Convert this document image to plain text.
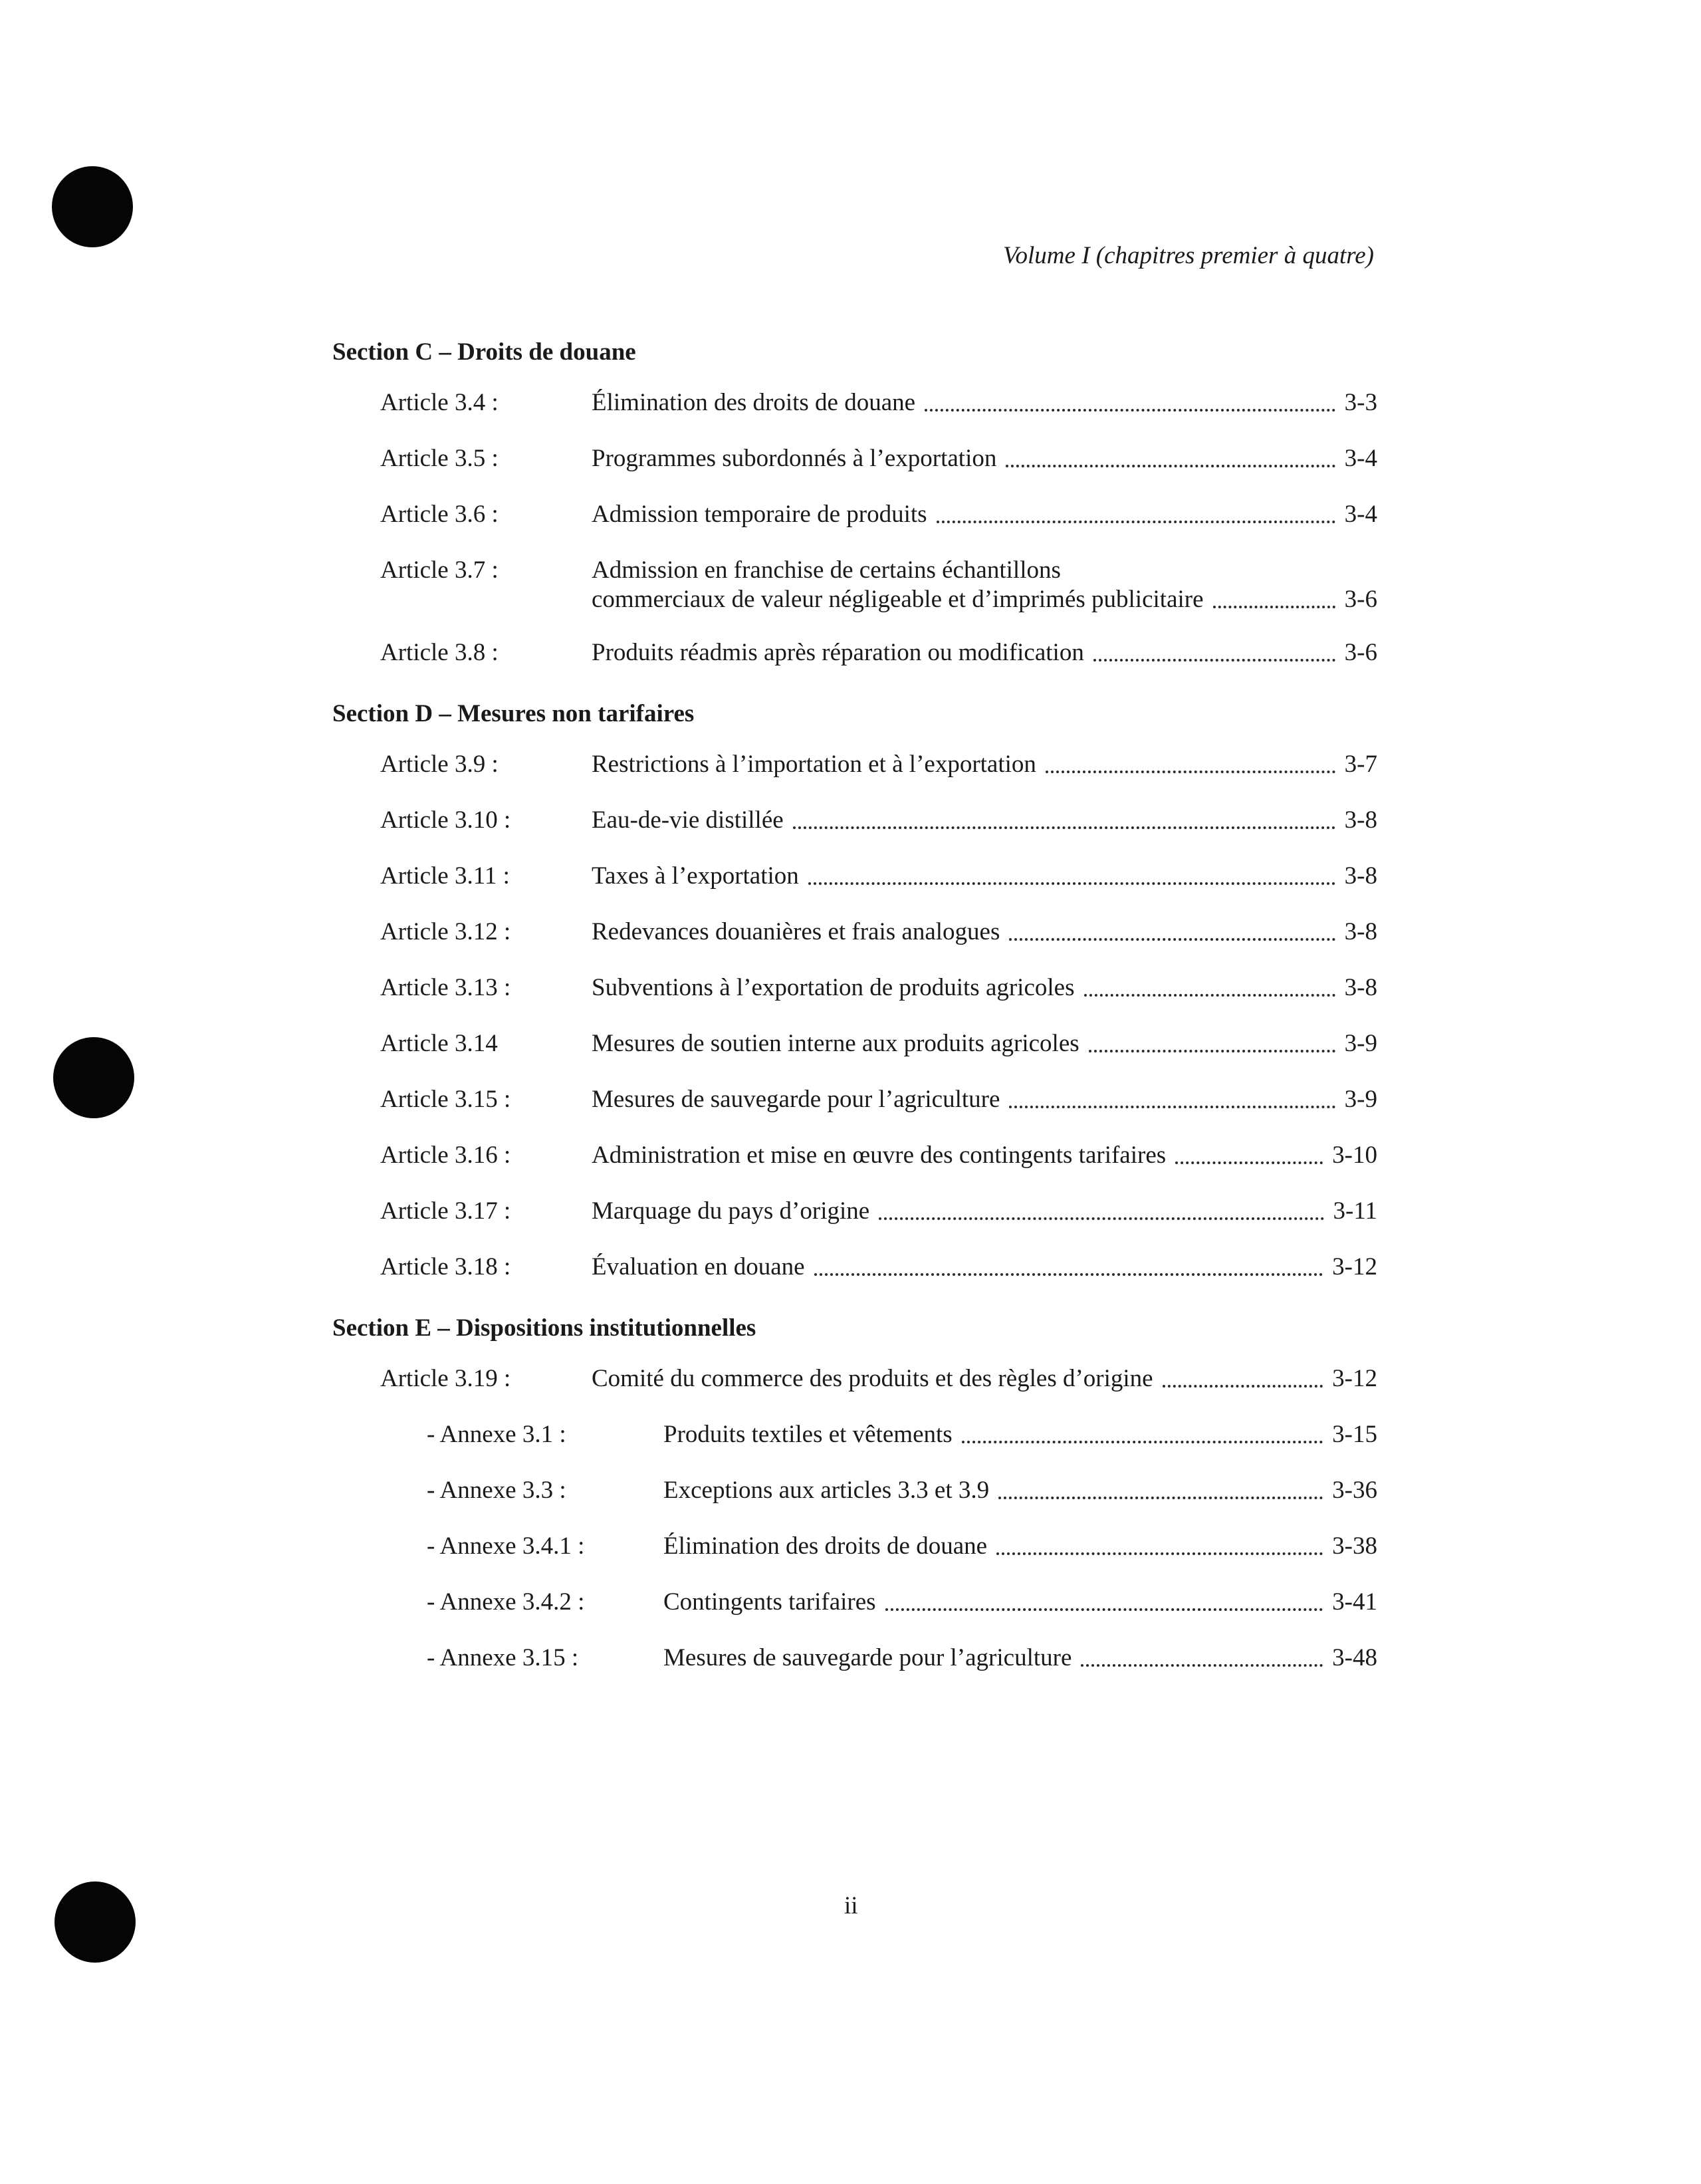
Volume I (chapitres premier à quatre)
Section C – Droits de douane
Article 3.4 :	Élimination des droits de douane	3-3
Article 3.5 :	Programmes subordonnés à l’exportation	3-4
Article 3.6 :	Admission temporaire de produits	3-4
Article 3.7 :	Admission en franchise de certains échantillons
commerciaux de valeur négligeable et d’imprimés publicitaire	3-6
Article 3.8 :	Produits réadmis après réparation ou modification	3-6
Section D – Mesures non tarifaires
Article 3.9 :	Restrictions à l’importation et à l’exportation	3-7
Article 3.10 :	Eau-de-vie distillée	3-8
Article 3.11 :	Taxes à l’exportation	3-8
Article 3.12 :	Redevances douanières et frais analogues	3-8
Article 3.13 :	Subventions à l’exportation de produits agricoles	3-8
Article 3.14	Mesures de soutien interne aux produits agricoles	3-9
Article 3.15 :	Mesures de sauvegarde pour l’agriculture	3-9
Article 3.16 :	Administration et mise en œuvre des contingents tarifaires	3-10
Article 3.17 :	Marquage du pays d’origine	3-11
Article 3.18 :	Évaluation en douane	3-12
Section E – Dispositions institutionnelles
Article 3.19 :	Comité du commerce des produits et des règles d’origine	3-12
- Annexe 3.1 :	Produits textiles et vêtements	3-15
- Annexe 3.3 :	Exceptions aux articles 3.3 et 3.9	3-36
- Annexe 3.4.1 :	Élimination des droits de douane	3-38
- Annexe 3.4.2 :	Contingents tarifaires	3-41
- Annexe 3.15 :	Mesures de sauvegarde pour l’agriculture	3-48
ii
